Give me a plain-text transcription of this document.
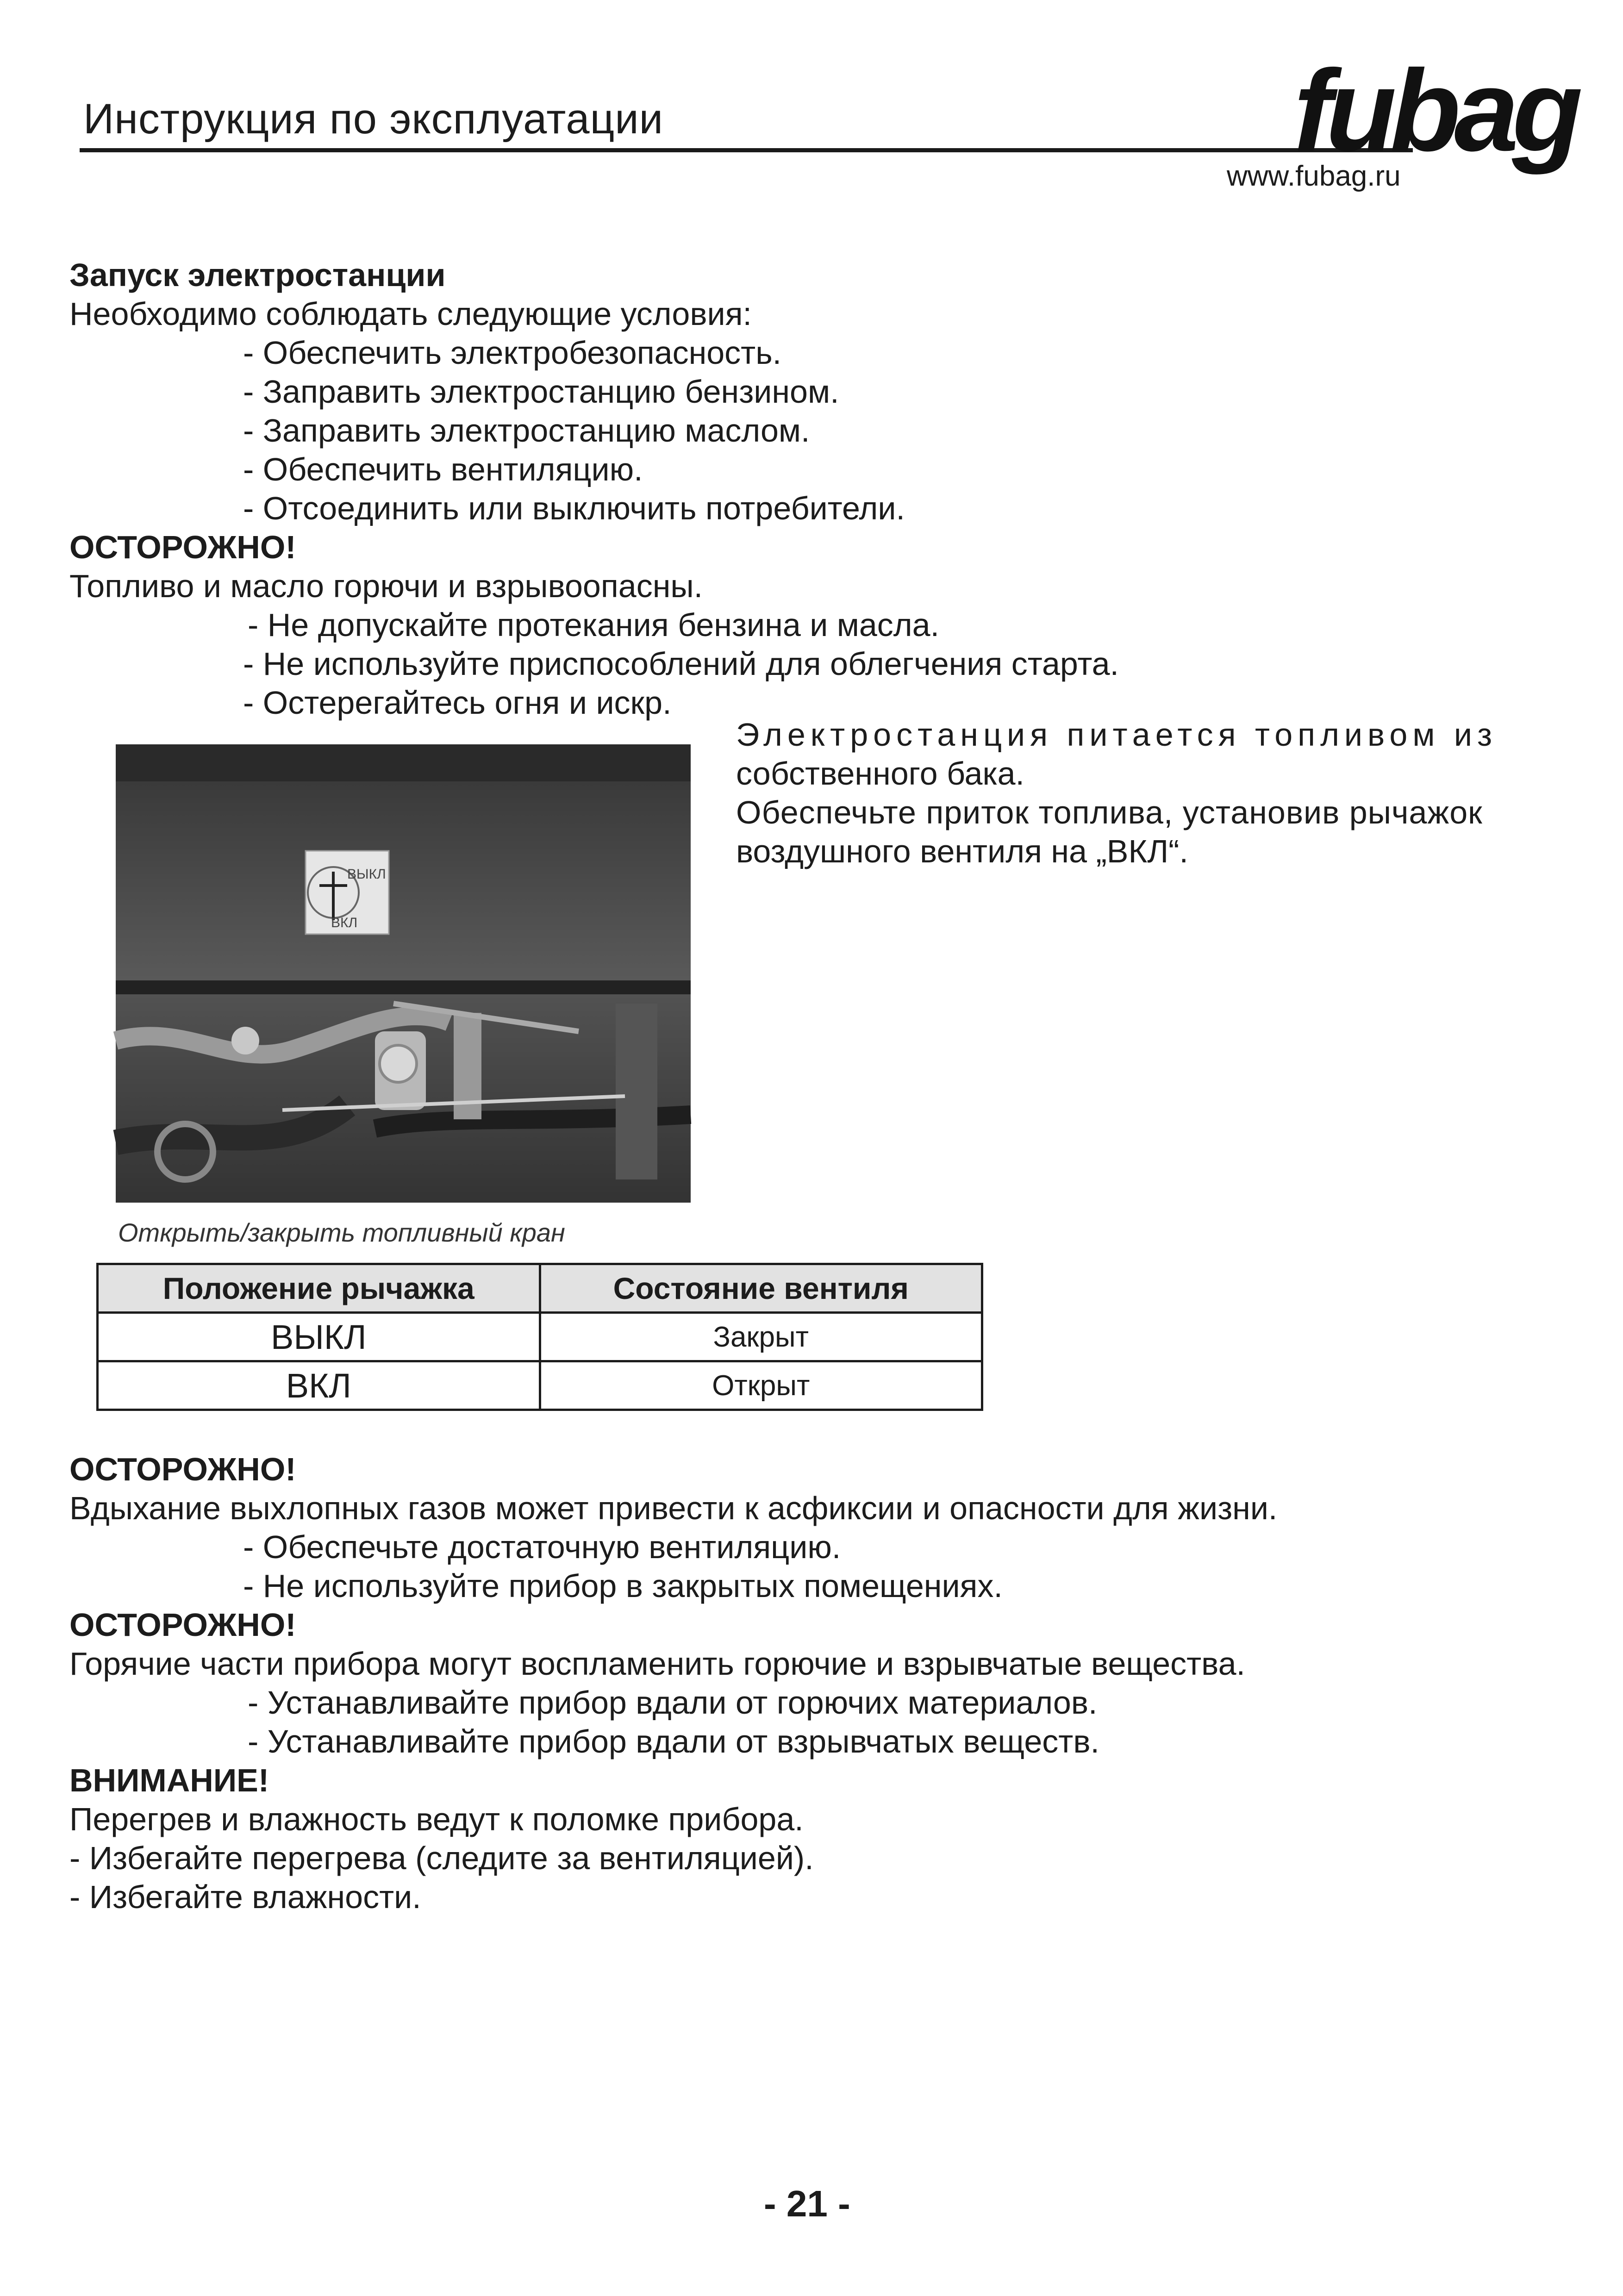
Инструкция по эксплуатации	fubag
www.fubag.ru
Запуск электростанции
Необходимо соблюдать следующие условия:
- Обеспечить электробезопасность.
- Заправить электростанцию бензином.
- Заправить электростанцию маслом.
- Обеспечить вентиляцию.
- Отсоединить или выключить потребители.
ОСТОРОЖНО!
Топливо и масло горючи и взрывоопасны.
- Не допускайте протекания бензина и масла.
- Не используйте приспособлений для облегчения старта.
- Остерегайтесь огня и искр.
Электростанция питается топливом из
собственного бака.
Обеспечьте приток топлива, установив рычажок
воздушного вентиля на „ВКЛ“.
ВЫКЛ
ВКЛ
Открыть/закрыть топливный кран
Положение рычажка	Состояние вентиля
ВЫКЛ	Закрыт
ВКЛ	Открыт
ОСТОРОЖНО!
Вдыхание выхлопных газов может привести к асфиксии и опасности для жизни.
- Обеспечьте достаточную вентиляцию.
- Не используйте прибор в закрытых помещениях.
ОСТОРОЖНО!
Горячие части прибора могут воспламенить горючие и взрывчатые вещества.
- Устанавливайте прибор вдали от горючих материалов.
- Устанавливайте прибор вдали от взрывчатых веществ.
ВНИМАНИЕ!
Перегрев и влажность ведут к поломке прибора.
- Избегайте перегрева (следите за вентиляцией).
- Избегайте влажности.
- 21 -
